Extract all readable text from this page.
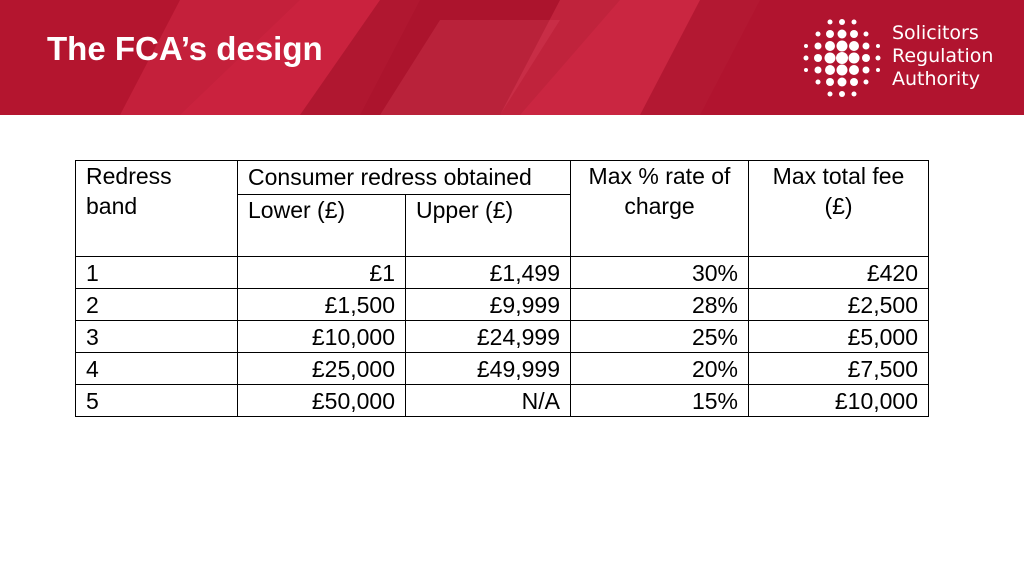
The FCA’s design	Solicitors
Regulation
Authority
Redress band	Consumer redress obtained		Max % rate of charge	Max total fee (£)
	Lower (£)	Upper (£)		
1	£1	£1,499	30%	£420
2	£1,500	£9,999	28%	£2,500
3	£10,000	£24,999	25%	£5,000
4	£25,000	£49,999	20%	£7,500
5	£50,000	N/A	15%	£10,000
